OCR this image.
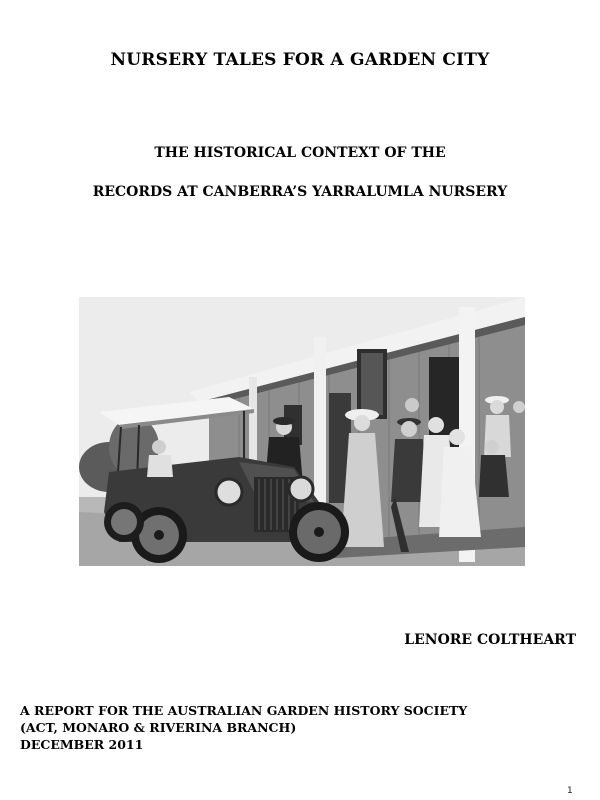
NURSERY TALES FOR A GARDEN CITY
THE HISTORICAL CONTEXT OF THE
RECORDS AT CANBERRA’S YARRALUMLA NURSERY
LENORE COLTHEART
A REPORT FOR THE AUSTRALIAN GARDEN HISTORY SOCIETY
(ACT, MONARO & RIVERINA BRANCH)
DECEMBER 2011
1
